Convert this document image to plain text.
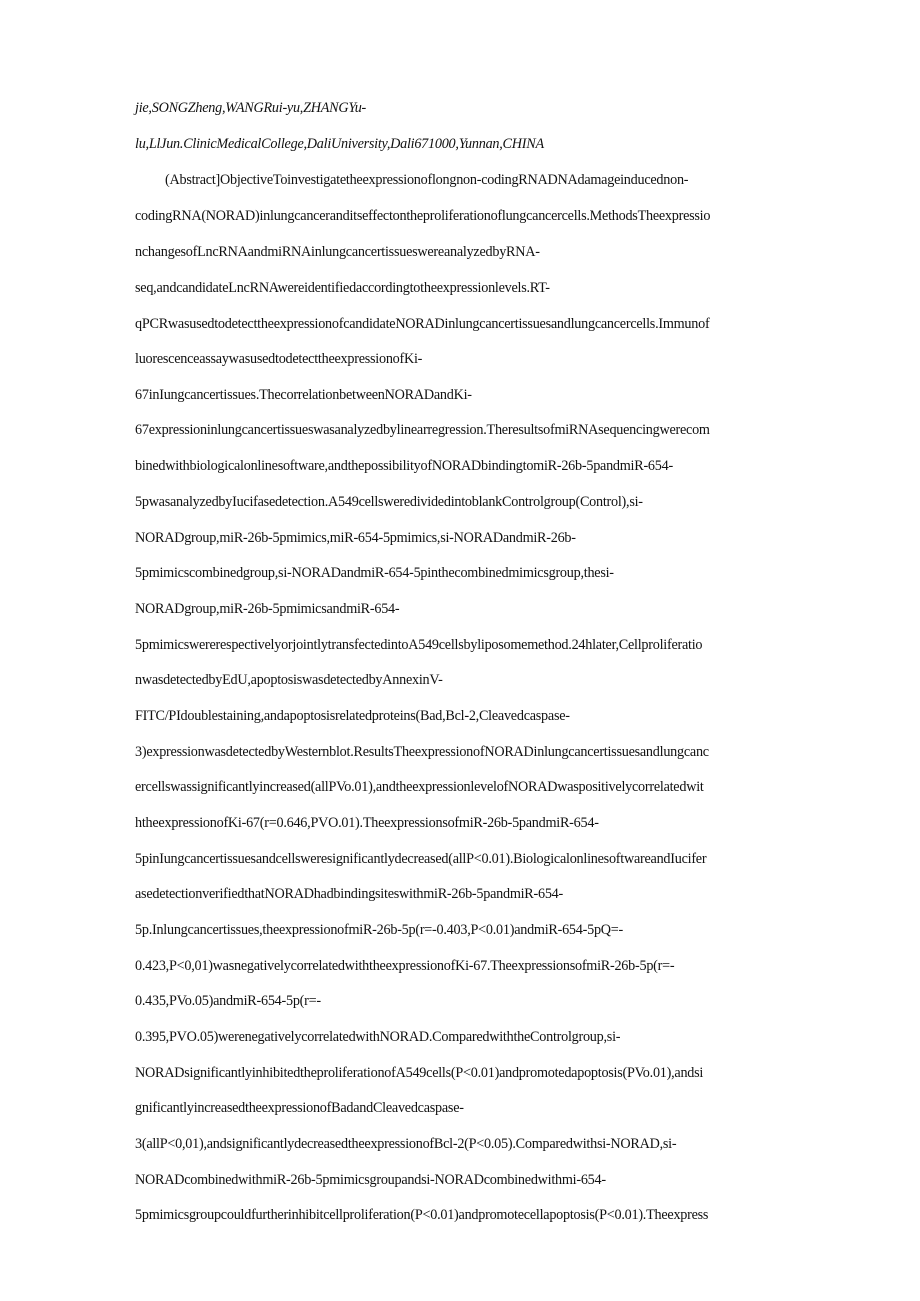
jie,SONGZheng,WANGRui-yu,ZHANGYu-
lu,LlJun.ClinicMedicalCollege,DaliUniversity,Dali671000,Yunnan,CHINA
(Abstract]ObjectiveToinvestigatetheexpressionoflongnon-codingRNADNAdamageinducednon-
codingRNA(NORAD)inlungcanceranditseffectontheproliferationoflungcancercells.MethodsTheexpressio
nchangesofLncRNAandmiRNAinlungcancertissueswereanalyzedbyRNA-
seq,andcandidateLncRNAwereidentifiedaccordingtotheexpressionlevels.RT-
qPCRwasusedtodetecttheexpressionofcandidateNORADinlungcancertissuesandlungcancercells.Immunof
luorescenceassaywasusedtodetecttheexpressionofKi-
67inIungcancertissues.ThecorrelationbetweenNORADandKi-
67expressioninlungcancertissueswasanalyzedbylinearregression.TheresultsofmiRNAsequencingwerecom
binedwithbiologicalonlinesoftware,andthepossibilityofNORADbindingtomiR-26b-5pandmiR-654-
5pwasanalyzedbyIucifasedetection.A549cellsweredividedintoblankControlgroup(Control),si-
NORADgroup,miR-26b-5pmimics,miR-654-5pmimics,si-NORADandmiR-26b-
5pmimicscombinedgroup,si-NORADandmiR-654-5pinthecombinedmimicsgroup,thesi-
NORADgroup,miR-26b-5pmimicsandmiR-654-
5pmimicswererespectivelyorjointlytransfectedintoA549cellsbyliposomemethod.24hlater,Cellproliferatio
nwasdetectedbyEdU,apoptosiswasdetectedbyAnnexinV-
FITC/PIdoublestaining,andapoptosisrelatedproteins(Bad,Bcl-2,Cleavedcaspase-
3)expressionwasdetectedbyWesternblot.ResultsTheexpressionofNORADinlungcancertissuesandlungcanc
ercellswassignificantlyincreased(allPVo.01),andtheexpressionlevelofNORADwaspositivelycorrelatedwit
htheexpressionofKi-67(r=0.646,PVO.01).TheexpressionsofmiR-26b-5pandmiR-654-
5pinIungcancertissuesandcellsweresignificantlydecreased(allP<0.01).BiologicalonlinesoftwareandIucifer
asedetectionverifiedthatNORADhadbindingsiteswithmiR-26b-5pandmiR-654-
5p.Inlungcancertissues,theexpressionofmiR-26b-5p(r=-0.403,P<0.01)andmiR-654-5pQ=-
0.423,P<0,01)wasnegativelycorrelatedwiththeexpressionofKi-67.TheexpressionsofmiR-26b-5p(r=-
0.435,PVo.05)andmiR-654-5p(r=-
0.395,PVO.05)werenegativelycorrelatedwithNORAD.ComparedwiththeControlgroup,si-
NORADsignificantlyinhibitedtheproliferationofA549cells(P<0.01)andpromotedapoptosis(PVo.01),andsi
gnificantlyincreasedtheexpressionofBadandCleavedcaspase-
3(allP<0,01),andsignificantlydecreasedtheexpressionofBcl-2(P<0.05).Comparedwithsi-NORAD,si-
NORADcombinedwithmiR-26b-5pmimicsgroupandsi-NORADcombinedwithmi-654-
5pmimicsgroupcouldfurtherinhibitcellproliferation(P<0.01)andpromotecellapoptosis(P<0.01).Theexpress
